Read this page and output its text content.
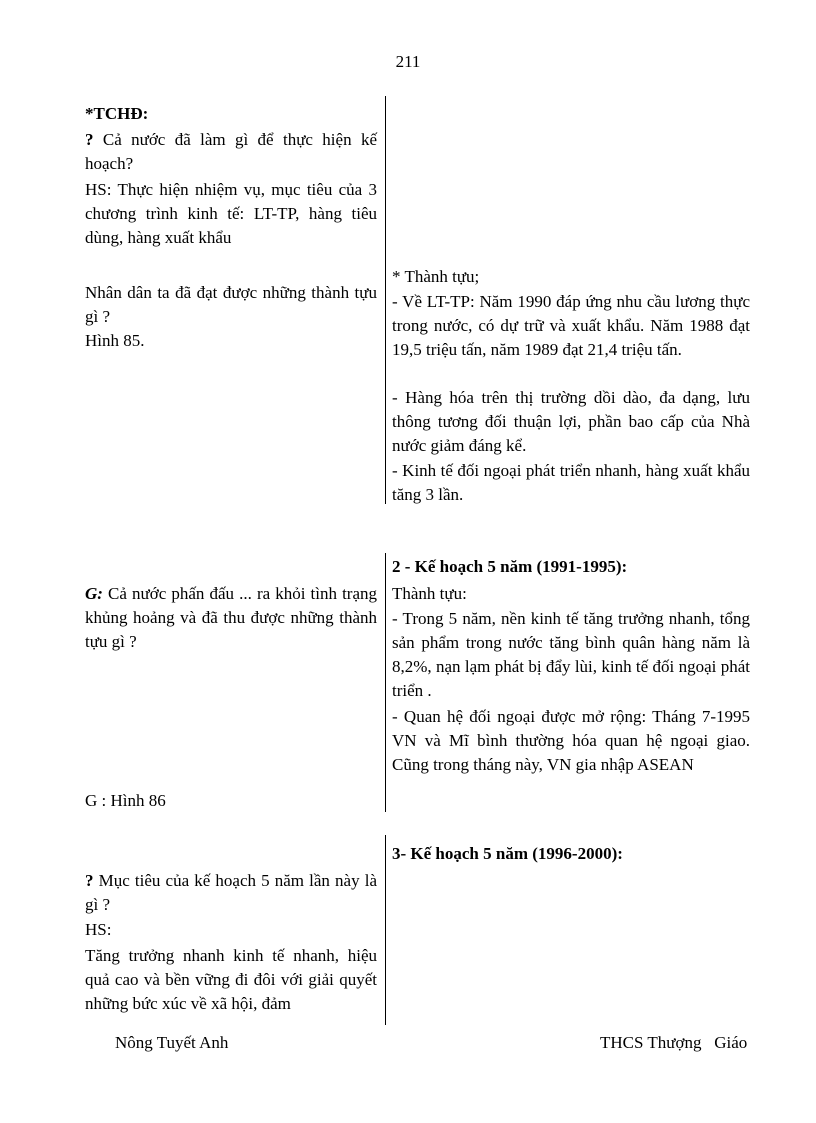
211

*TCHĐ:

? Cả nước đã làm gì để thực hiện kế hoạch?

HS: Thực hiện nhiệm vụ, mục tiêu của 3 chương trình kinh tế: LT-TP, hàng tiêu dùng, hàng xuất khẩu

Nhân dân ta đã đạt được những thành tựu gì ?

Hình 85.

G: Cả nước phấn đấu ... ra khỏi tình trạng khủng hoảng và đã thu được những thành tựu gì ?

G : Hình 86

? Mục tiêu của kế hoạch 5 năm lần này là gì ?

HS:

Tăng trưởng nhanh kinh tế nhanh, hiệu quả cao và bền vững đi đôi với giải quyết những bức xúc về xã hội, đảm

* Thành tựu;

- Về LT-TP: Năm 1990 đáp ứng nhu cầu lương thực trong nước, có dự trữ và xuất khẩu. Năm 1988 đạt 19,5 triệu tấn, năm 1989 đạt 21,4 triệu tấn.

- Hàng hóa trên thị trường dồi dào, đa dạng, lưu thông tương đối thuận lợi, phần bao cấp của Nhà nước giảm đáng kể.

- Kinh tế đối ngoại phát triển nhanh, hàng xuất khẩu tăng 3 lần.

2 - Kế hoạch 5 năm (1991-1995):

Thành tựu:

- Trong 5 năm, nền kinh tế tăng trưởng nhanh, tổng sản phẩm trong nước tăng bình quân hàng năm là 8,2%, nạn lạm phát bị đẩy lùi, kinh tế đối ngoại phát triển .

- Quan hệ đối ngoại được mở rộng: Tháng 7-1995 VN và Mĩ bình thường hóa quan hệ ngoại giao. Cũng trong tháng này, VN gia nhập ASEAN

3- Kế hoạch 5 năm (1996-2000):

Nông Tuyết Anh	THCS Thượng   Giáo
